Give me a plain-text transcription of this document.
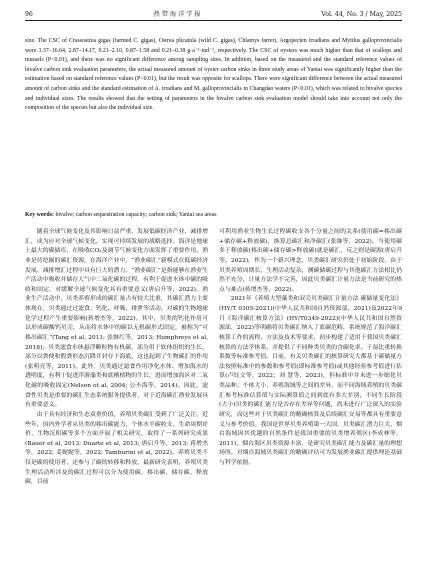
96	热 带 海 洋 学 报	Vol. 44, No. 3 / May, 2025

size. The CSC of Crassostrea gigas (farmed C. gigas), Ostrea plicatula (wild C. gigas), Chlamys farreri, Argopecten irradians and Mytilus galloprovincialis were 3.37–16.64, 2.87–14.17, 0.21–2.10, 0.87–1.58 and 0.21–0.38 g·a⁻¹·ind⁻¹, respectively. The CSC of oysters was much higher than that of scallops and mussels (P<0.01), and there was no significant difference among sampling sites. In addition, based on the measured and the standard reference values of bivalve carbon sink evaluation parameters, the actual measured amount of oyster carbon sinks in three study areas of Yantai was significantly higher than the estimation based on standard reference values (P<0.01), but the result was opposite for scallops. There were significant difference between the actual measured amount of carbon sinks and the standard estimation of A. irradians and M. galloprovincialis in Changdao waters (P<0.01), which was related to bivalve species and individual sizes. The results showed that the setting of parameters in the bivalve carbon sink evaluation model should take into account not only the composition of the species but also the individual size.

Key words: bivalve; carbon sequestration capacity; carbon sink; Yantai sea areas

随着全球气候变化及其影响日益严重，发展低碳经济产业，减排增汇，成为应对全球气候变化、实现可持续发展的战略选择。海洋是地球上最大的碳储库，在吸收CO₂及调节气候变化方面发挥了重要作用。渔业是待挖掘的碳汇资源，在海洋产业中，“渔业碳汇”新模式在低碳经济发展、减排增汇过程中具有巨大的潜力。“渔业碳汇”是指能够在渔业生产活动中吸收并储存大气中二氧化碳的过程，有利于促进水体中碳的吸收和固定，对缓解全球气候变化具有重要意义(唐启升等，2022)。渔业生产活动中，贝类养殖形成的碳汇量占有较大比重，其碳汇潜力主要体现在，贝类通过过滤食、钙化、呼吸、排泄等活动，对碳的生物地球化学过程产生重要影响(蒋增杰等，2022)。其中，贝类的钙化作用可以形成碳酸钙贝壳，从而将水体中的碳以无机碳形式固定，被称为“可移出碳汇”(Tang et al, 2011; 张继红等，2013; Humphreys et al, 2018)；贝类滤食水体悬浮颗粒物有机碳，部分用于软体组织的生长，部分以粪便和假粪形态沉降并封存于海底，这也起到了生物碳汇的作用(张明亮等，2011)。此外，贝类通过滤食作用净化水体、增加海水的透明度，有利于促进浮游藻类和底栖植物的生长，进而增加海区对二氧化碳的吸收固定(Nelson et al, 2004; 公丕海等，2014)。因此，滤食性贝类是重要的碳汇生态系统服务提供者，对于近海碳汇渔业发展具有重要意义。

由于具有经济和生态双重价值，养殖贝类碳汇受到了广泛关注。近些年，国内外学者从贝类的移出碳能力、个体水平碳收支、生命周期评价、生物沉积碳等多个方面开展了相关研究，取得了一系列研究成果(Bauer et al, 2013; Duarte et al, 2013; 唐启升等，2013; 蒋增杰等，2022; 姜娓娓等，2022; Tamburini et al, 2022)。养殖贝类不仅是碳的使用者，还参与了碳的转移和释放，最新研究表明，养殖贝类生理活动所涉及的碳汇过程可以分为使用碳、移出碳、储存碳、释放碳，目前

可利用渔业生物生长过程碳收支各个分量之间的关系(使用碳=移出碳+储存碳+释放碳)，换算总碳汇和净碳汇(张继等，2022)。当使用碳多于释放碳(移出碳+储存碳>释放碳)就是碳汇，反之则是碳源(唐启升等，2022)。作为一个新兴理念，贝类碳汇研究仍处于初始阶段，由于贝类养殖周期长，生理活动复杂，测碳储碳过程与其他碳汇方法相比仍然不充分，计量方法学不完善，因此贝类碳汇计量方法是当前研究的热点与难点(蒋增杰等，2022)。

2021年《养殖大型藻类和双壳贝类碳汇计量方法 碳储量变化法》(HY/T 0305-2021)(中华人民共和国自然资源部，2021)及2022年9月《海洋碳汇核算方法》(HY/T0349-2022)(中华人民共和国自然资源部，2022)等明确将贝类碳汇纳入了蓝碳范畴，系统规范了海洋碳汇核算工作的流程、方法及技术等要求，初步构建了适用于我国贝类碳汇核算的方法学体系，并提供了不同种类贝类的含碳化率、干湿比重转换系数等标准参考值。目前，有关贝类碳汇的核算研究大都基于碳储量方法按照标准中的参数和参考值(即标准参考值)或其他经验参考值进行估算(卢钰文等，2022；刘 慧等，2023)，但标准中并未进一步细化贝类品种、个体大小、养殖海域等之间的差异，而不同海域养殖的贝类碳汇参考标准估算值与实际测算值之间到底有多大差别，不同生长阶段(大小)贝类的碳汇能力是否存在差异等问题，尚未进行广泛深入的实验研究，而这些对于贝类碳汇的精确核算及后续碳汇交易等都具有重要意义与参考价值。我国是世界贝类养殖第一大国，贝类碳汇潜力巨大，烟台海域因其优越的自然条件是我国重要的贝类增养殖区(李成林等，2011)，烟台海区贝类资源丰富，是研究贝类碳汇能力及碳汇量的理想场所。对烟台海域贝类碳汇的精确评估可为发展渔业碳汇提供理论基础与科学依据。
